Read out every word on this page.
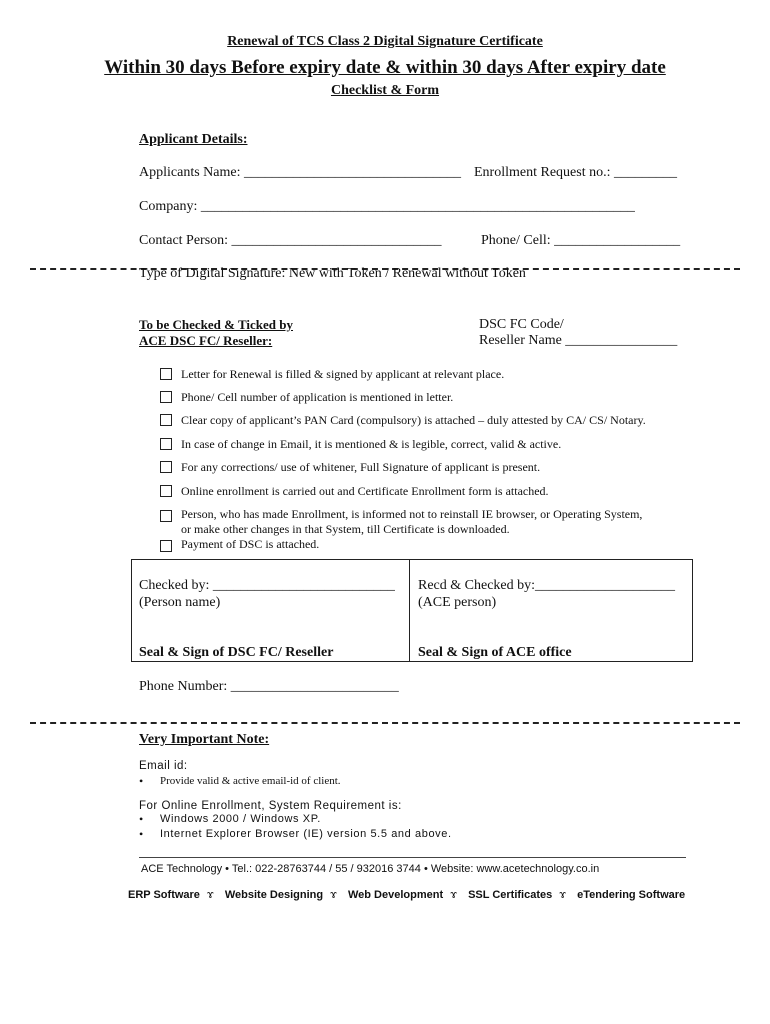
Renewal of TCS Class 2 Digital Signature Certificate
Within 30 days Before expiry date & within 30 days After expiry date
Checklist & Form
Applicant Details:
Applicants Name: _______________________________ Enrollment Request no.: _________
Company: ______________________________________________________________
Contact Person: ______________________________	Phone/ Cell: __________________
Type of Digital Signature: New with Token / Renewal without Token
To be Checked & Ticked by
ACE DSC FC/ Reseller:
DSC FC Code/
Reseller Name ________________
Letter for Renewal is filled & signed by applicant at relevant place.
Phone/ Cell number of application is mentioned in letter.
Clear copy of applicant’s PAN Card (compulsory) is attached – duly attested by CA/ CS/ Notary.
In case of change in Email, it is mentioned & is legible, correct, valid & active.
For any corrections/ use of whitener, Full Signature of applicant is present.
Online enrollment is carried out and Certificate Enrollment form is attached.
Person, who has made Enrollment, is informed not to reinstall IE browser, or Operating System,
or make other changes in that System, till Certificate is downloaded.
Payment of DSC is attached.
Checked by: __________________________
(Person name)
Recd & Checked by:____________________
(ACE person)
Seal & Sign of DSC FC/ Reseller	Seal & Sign of ACE office
Phone Number: ________________________
Very Important Note:
Email id:
• Provide valid & active email-id of client.
For Online Enrollment, System Requirement is:
• Windows 2000 / Windows XP.
• Internet Explorer Browser (IE) version 5.5 and above.
ACE Technology • Tel.: 022-28763744 / 55 / 932016 3744 • Website: www.acetechnology.co.in
ERP Software ɤ Website Designing ɤ Web Development ɤ SSL Certificates ɤ eTendering Software
